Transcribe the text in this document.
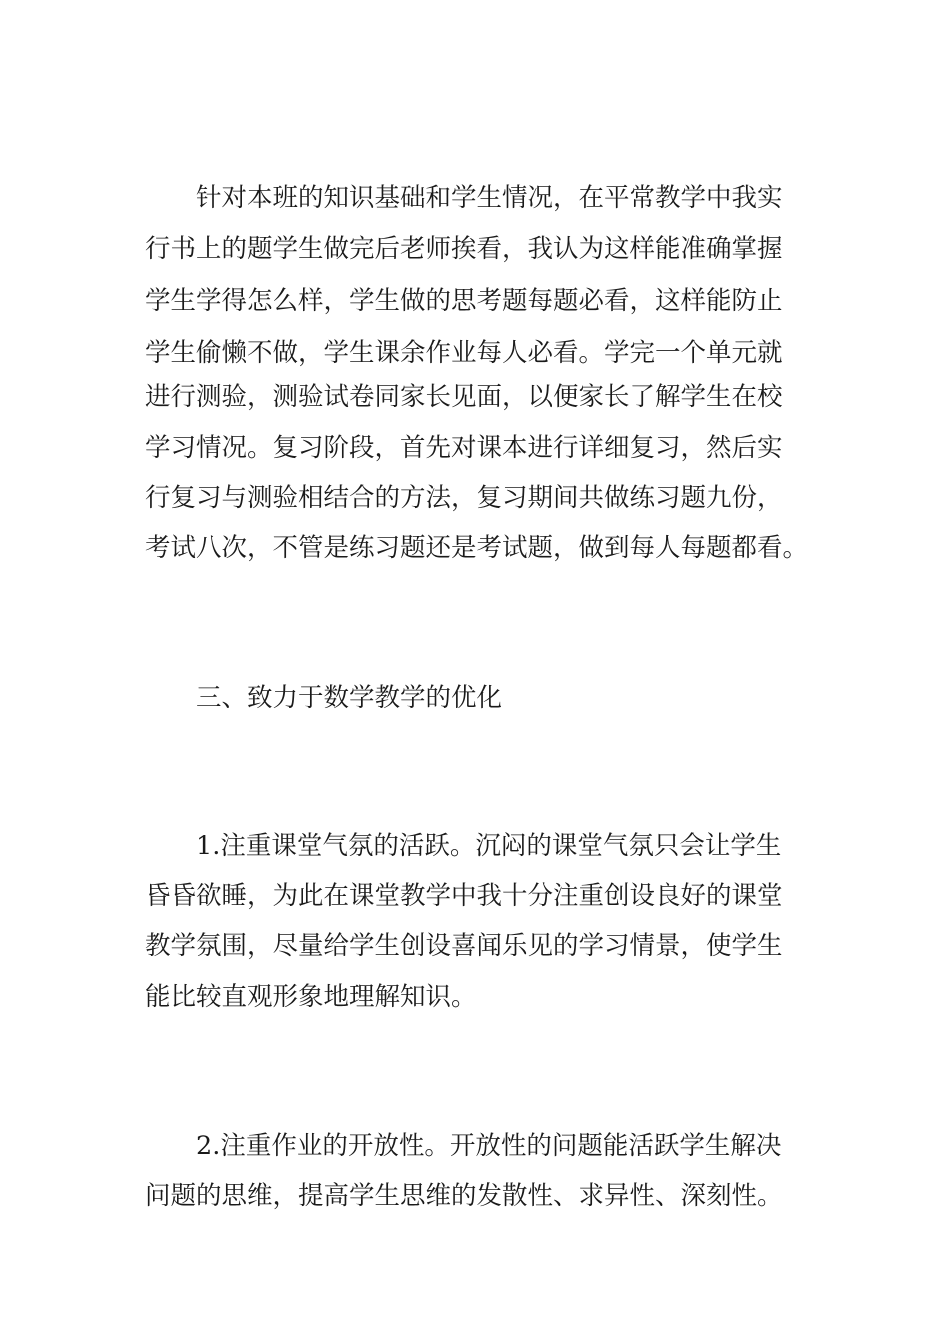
针对本班的知识基础和学生情况，在平常教学中我实
行书上的题学生做完后老师挨看，我认为这样能准确掌握
学生学得怎么样，学生做的思考题每题必看，这样能防止
学生偷懒不做，学生课余作业每人必看。学完一个单元就
进行测验，测验试卷同家长见面，以便家长了解学生在校
学习情况。复习阶段，首先对课本进行详细复习，然后实
行复习与测验相结合的方法，复习期间共做练习题九份，
考试八次，不管是练习题还是考试题，做到每人每题都看。
三、致力于数学教学的优化
1.注重课堂气氛的活跃。沉闷的课堂气氛只会让学生
昏昏欲睡，为此在课堂教学中我十分注重创设良好的课堂
教学氛围，尽量给学生创设喜闻乐见的学习情景，使学生
能比较直观形象地理解知识。
2.注重作业的开放性。开放性的问题能活跃学生解决
问题的思维，提高学生思维的发散性、求异性、深刻性。
